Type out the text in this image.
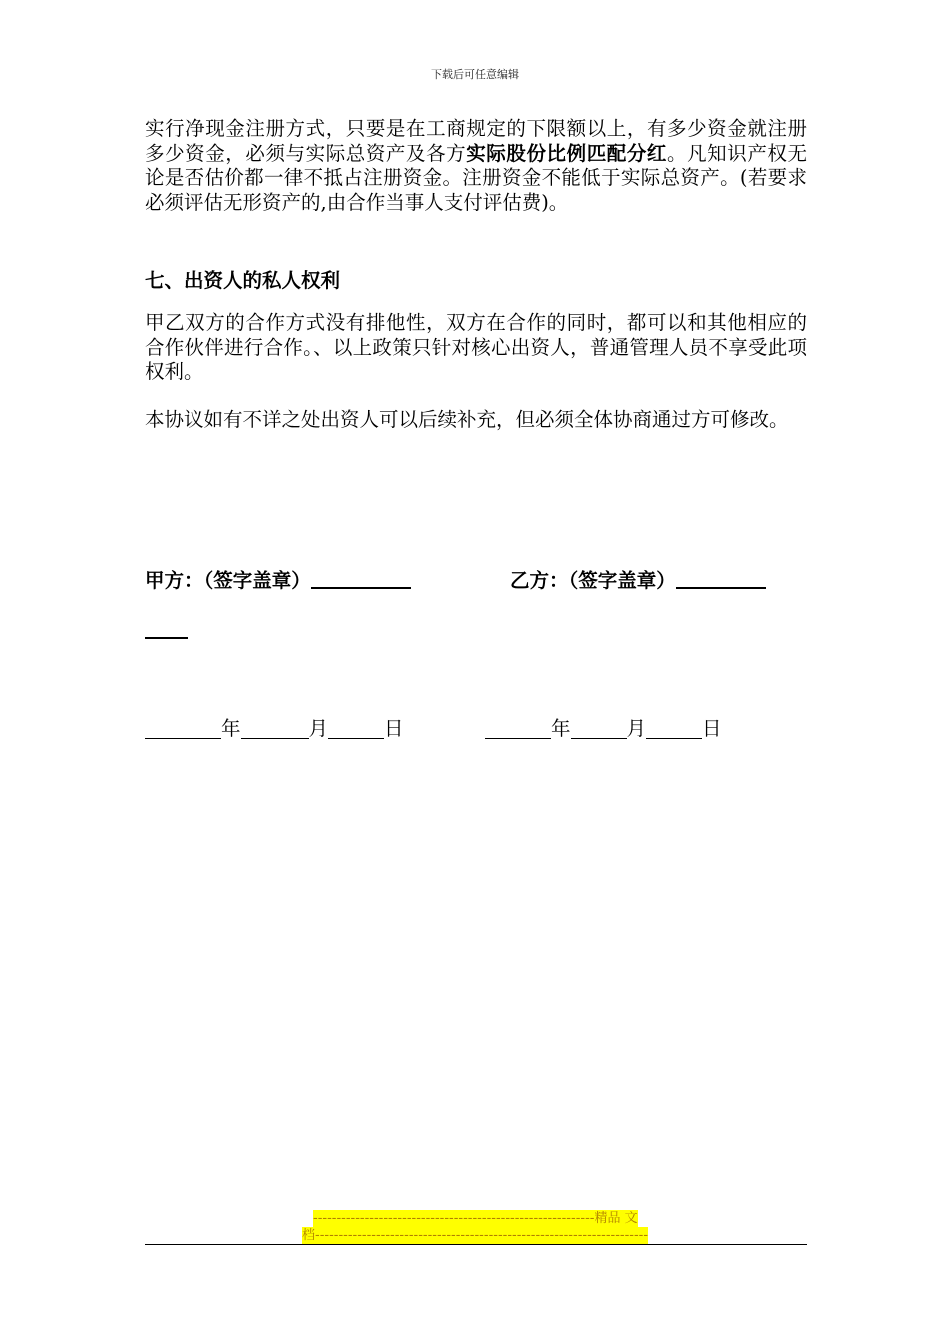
下载后可任意编辑
实行净现金注册方式，只要是在工商规定的下限额以上，有多少资金就注册多少资金，必须与实际总资产及各方实际股份比例匹配分红。凡知识产权无论是否估价都一律不抵占注册资金。注册资金不能低于实际总资产。(若要求必须评估无形资产的,由合作当事人支付评估费)。
七、出资人的私人权利
甲乙双方的合作方式没有排他性，双方在合作的同时，都可以和其他相应的合作伙伴进行合作。、以上政策只针对核心出资人，普通管理人员不享受此项权利。
本协议如有不详之处出资人可以后续补充，但必须全体协商通过方可修改。
甲方：（签字盖章）	乙方：（签字盖章）
年	月	日	年	月	日
------------------------------------------------------------精品 文
档-----------------------------------------------------------------------
